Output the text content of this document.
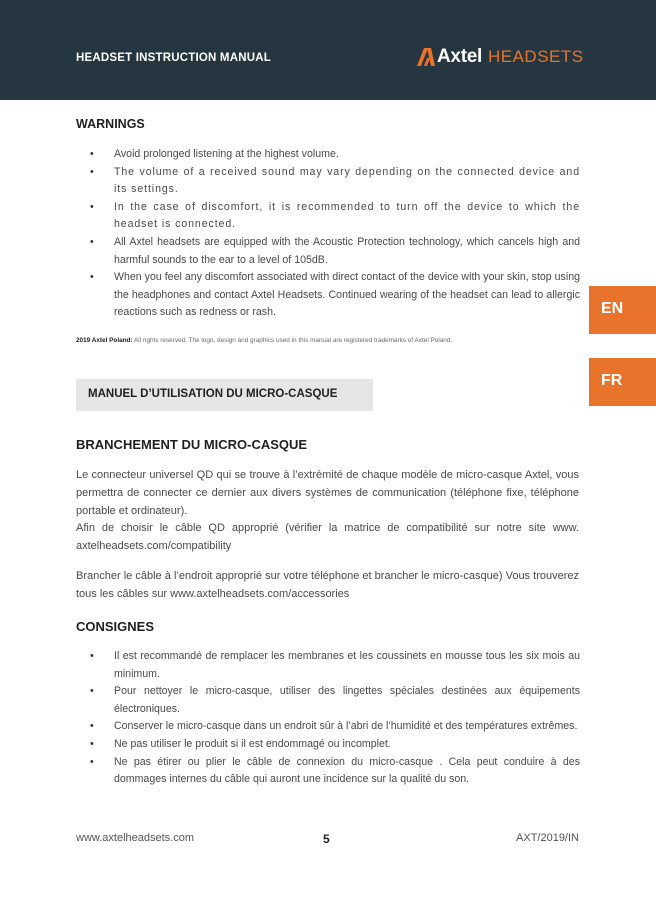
HEADSET INSTRUCTION MANUAL	Axtel HEADSETS
WARNINGS
• Avoid prolonged listening at the highest volume.
• The volume of a received sound may vary depending on the connected device and its settings.
• In the case of discomfort, it is recommended to turn off the device to which the headset is connected.
• All Axtel headsets are equipped with the Acoustic Protection technology, which cancels high and harmful sounds to the ear to a level of 105dB.
• When you feel any discomfort associated with direct contact of the device with your skin, stop using the headphones and contact Axtel Headsets. Continued wearing of the headset can lead to allergic reactions such as redness or rash.
2019 Axtel Poland: All rights reserved. The logo, design and graphics used in this manual are registered trademarks of Axtel Poland.
EN
FR
MANUEL D’UTILISATION DU MICRO-CASQUE
BRANCHEMENT DU MICRO-CASQUE

Le connecteur universel QD qui se trouve à l’extrémité de chaque modèle de micro-casque Axtel, vous permettra de connecter ce dernier aux divers systèmes de communication (téléphone fixe, téléphone portable et ordinateur).

Afin de choisir le câble QD approprié (vérifier la matrice de compatibilité sur notre site www. axtelheadsets.com/compatibility

Brancher le câble à l’endroit approprié sur votre téléphone et brancher le micro-casque) Vous trouverez tous les câbles sur www.axtelheadsets.com/accessories

CONSIGNES
• Il est recommandé de remplacer les membranes et les coussinets en mousse tous les six mois au minimum.
• Pour nettoyer le micro-casque, utiliser des lingettes spéciales destinées aux équipements électroniques.
• Conserver le micro-casque dans un endroit sûr à l’abri de l’humidité et des températures extrêmes.
• Ne pas utiliser le produit si il est endommagé ou incomplet.
• Ne pas étirer ou plier le câble de connexion du micro-casque . Cela peut conduire à des dommages internes du câble qui auront une incidence sur la qualité du son.
www.axtelheadsets.com	5	AXT/2019/IN
